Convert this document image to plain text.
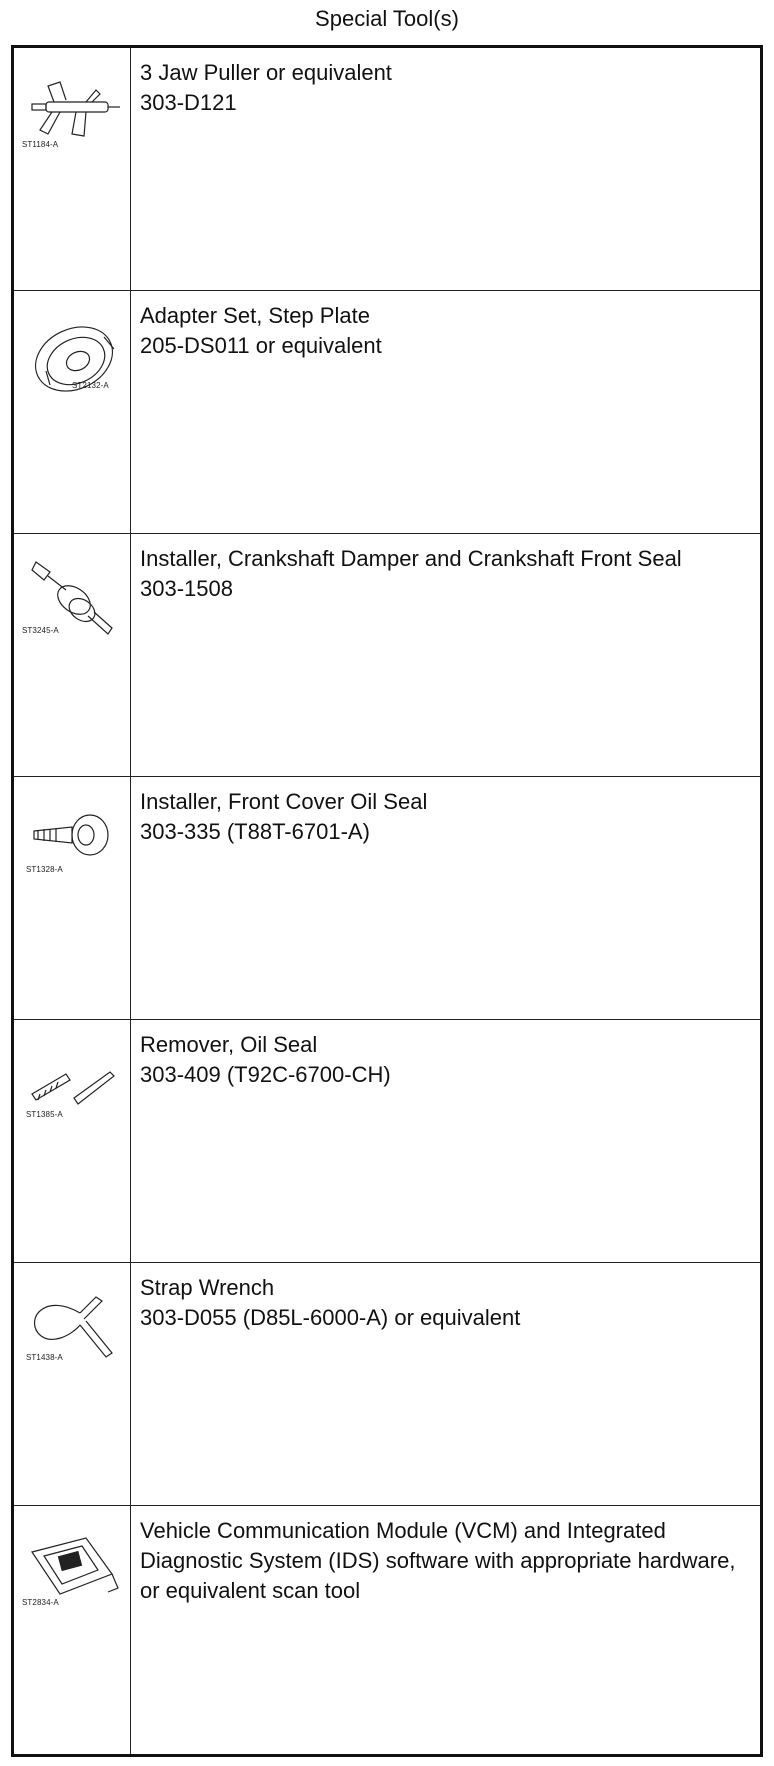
Special Tool(s)
ST1184-A
3 Jaw Puller or equivalent
303-D121
ST2132-A
Adapter Set, Step Plate
205-DS011 or equivalent
ST3245-A
Installer, Crankshaft Damper and Crankshaft Front Seal
303-1508
ST1328-A
Installer, Front Cover Oil Seal
303-335 (T88T-6701-A)
ST1385-A
Remover, Oil Seal
303-409 (T92C-6700-CH)
ST1438-A
Strap Wrench
303-D055 (D85L-6000-A) or equivalent
ST2834-A
Vehicle Communication Module (VCM) and Integrated Diagnostic System (IDS) software with appropriate hardware, or equivalent scan tool
